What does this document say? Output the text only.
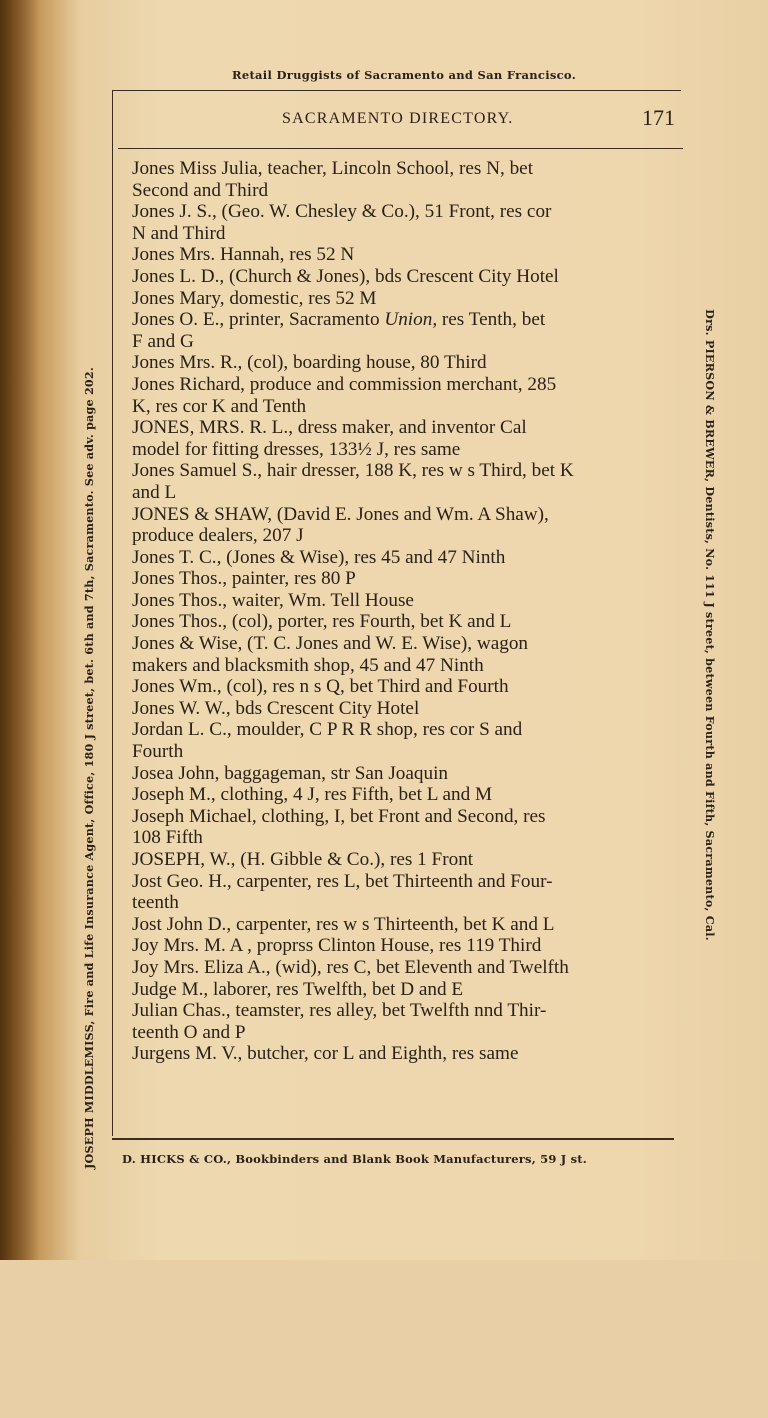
Retail Druggists of Sacramento and San Francisco.
SACRAMENTO DIRECTORY.	171
JOSEPH MIDDLEMISS, Fire and Life Insurance Agent, Office, 180 J street, bet. 6th and 7th, Sacramento. See adv. page 202.	Drs. PIERSON & BREWER, Dentists, No. 111 J street, between Fourth and Fifth, Sacramento, Cal.

Jones Miss Julia, teacher, Lincoln School, res N, bet
Second and Third

Jones J. S., (Geo. W. Chesley & Co.), 51 Front, res cor
N and Third

Jones Mrs. Hannah, res 52 N

Jones L. D., (Church & Jones), bds Crescent City Hotel

Jones Mary, domestic, res 52 M

Jones O. E., printer, Sacramento Union, res Tenth, bet
F and G

Jones Mrs. R., (col), boarding house, 80 Third

Jones Richard, produce and commission merchant, 285
K, res cor K and Tenth

JONES, MRS. R. L., dress maker, and inventor Cal
model for fitting dresses, 133½ J, res same

Jones Samuel S., hair dresser, 188 K, res w s Third, bet K
and L

JONES & SHAW, (David E. Jones and Wm. A Shaw),
produce dealers, 207 J

Jones T. C., (Jones & Wise), res 45 and 47 Ninth

Jones Thos., painter, res 80 P

Jones Thos., waiter, Wm. Tell House

Jones Thos., (col), porter, res Fourth, bet K and L

Jones & Wise, (T. C. Jones and W. E. Wise), wagon
makers and blacksmith shop, 45 and 47 Ninth

Jones Wm., (col), res n s Q, bet Third and Fourth

Jones W. W., bds Crescent City Hotel

Jordan L. C., moulder, C P R R shop, res cor S and
Fourth

Josea John, baggageman, str San Joaquin

Joseph M., clothing, 4 J, res Fifth, bet L and M

Joseph Michael, clothing, I, bet Front and Second, res
108 Fifth

JOSEPH, W., (H. Gibble & Co.), res 1 Front

Jost Geo. H., carpenter, res L, bet Thirteenth and Four-
teenth

Jost John D., carpenter, res w s Thirteenth, bet K and L

Joy Mrs. M. A , proprss Clinton House, res 119 Third

Joy Mrs. Eliza A., (wid), res C, bet Eleventh and Twelfth

Judge M., laborer, res Twelfth, bet D and E

Julian Chas., teamster, res alley, bet Twelfth nnd Thir-
teenth O and P

Jurgens M. V., butcher, cor L and Eighth, res same

D. HICKS & CO., Bookbinders and Blank Book Manufacturers, 59 J st.
